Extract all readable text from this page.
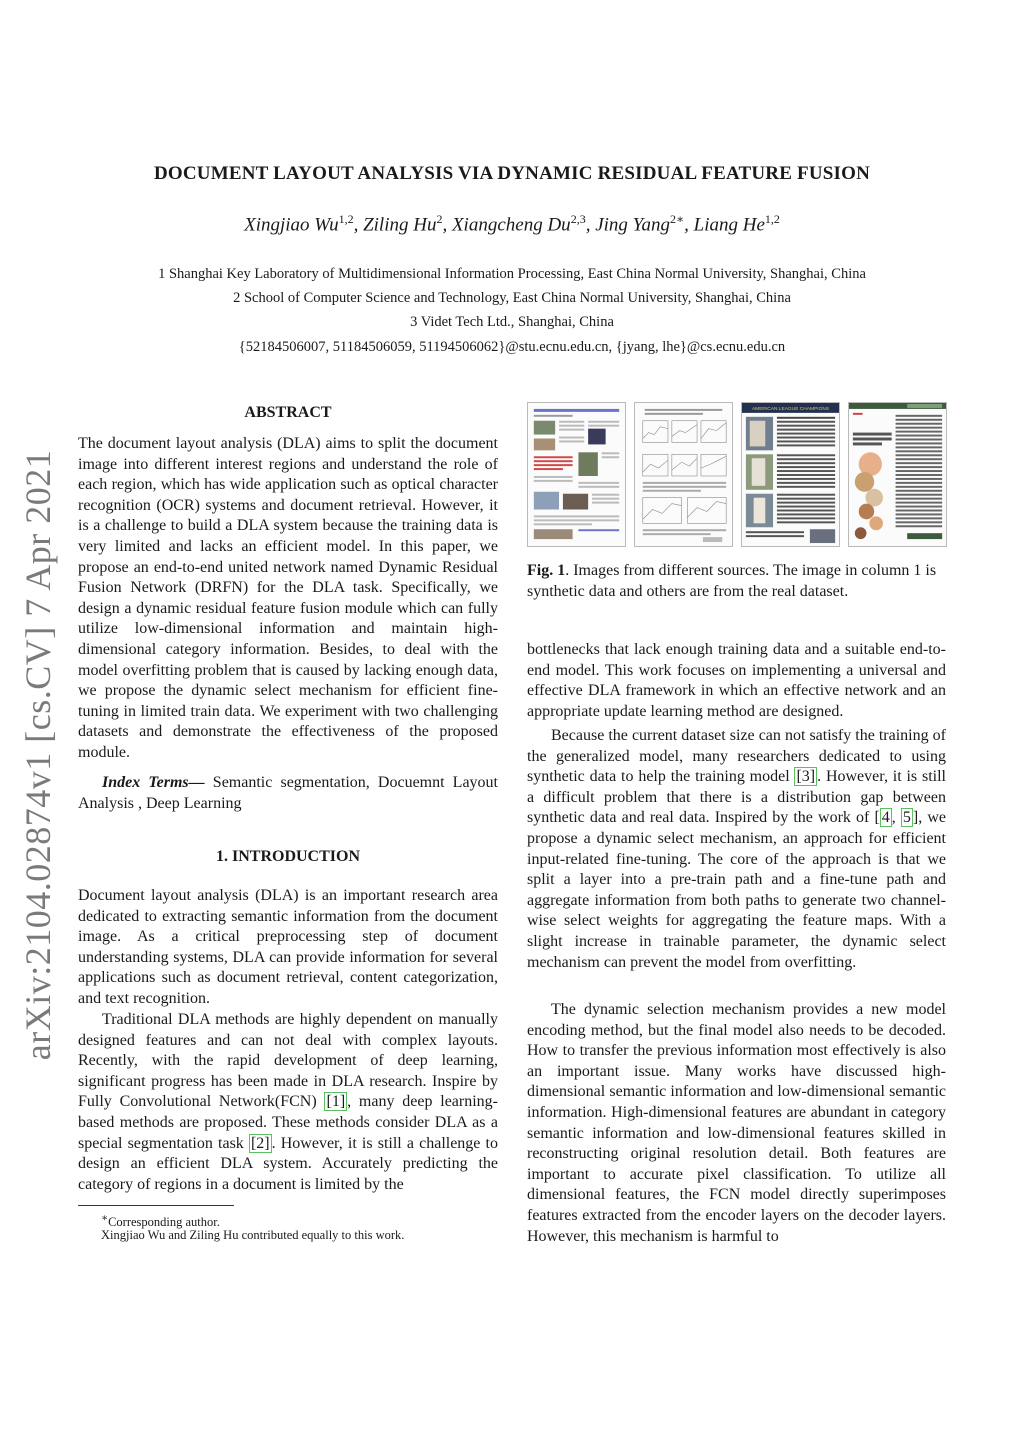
arXiv:2104.02874v1 [cs.CV] 7 Apr 2021
DOCUMENT LAYOUT ANALYSIS VIA DYNAMIC RESIDUAL FEATURE FUSION
Xingjiao Wu$^{1,2}$, Ziling Hu$^2$, Xiangcheng Du$^{2,3}$, Jing Yang$^{2∗}$, Liang He$^{1,2}$
1 Shanghai Key Laboratory of Multidimensional Information Processing, East China Normal University, Shanghai, China
2 School of Computer Science and Technology, East China Normal University, Shanghai, China
3 Videt Tech Ltd., Shanghai, China
{52184506007, 51184506059, 51194506062}@stu.ecnu.edu.cn, {jyang, lhe}@cs.ecnu.edu.cn
ABSTRACT
The document layout analysis (DLA) aims to split the document image into different interest regions and understand the role of each region, which has wide application such as optical character recognition (OCR) systems and document retrieval. However, it is a challenge to build a DLA system because the training data is very limited and lacks an efficient model. In this paper, we propose an end-to-end united network named Dynamic Residual Fusion Network (DRFN) for the DLA task. Specifically, we design a dynamic residual feature fusion module which can fully utilize low-dimensional information and maintain high-dimensional category information. Besides, to deal with the model overfitting problem that is caused by lacking enough data, we propose the dynamic select mechanism for efficient fine-tuning in limited train data. We experiment with two challenging datasets and demonstrate the effectiveness of the proposed module.
Index Terms— Semantic segmentation, Docuemnt Layout Analysis , Deep Learning
1. INTRODUCTION
Document layout analysis (DLA) is an important research area dedicated to extracting semantic information from the document image. As a critical preprocessing step of document understanding systems, DLA can provide information for several applications such as document retrieval, content categorization, and text recognition.
Traditional DLA methods are highly dependent on manually designed features and can not deal with complex layouts. Recently, with the rapid development of deep learning, significant progress has been made in DLA research. Inspire by Fully Convolutional Network(FCN) [1] , many deep learning-based methods are proposed. These methods consider DLA as a special segmentation task [2] . However, it is still a challenge to design an efficient DLA system. Accurately predicting the category of regions in a document is limited by the
∗Corresponding author.
Xingjiao Wu and Ziling Hu contributed equally to this work.
AMERICAN LEAGUE CHAMPIONS
Fig. 1. Images from different sources. The image in column 1 is synthetic data and others are from the real dataset.
bottlenecks that lack enough training data and a suitable end-to-end model. This work focuses on implementing a universal and effective DLA framework in which an effective network and an appropriate update learning method are designed.
Because the current dataset size can not satisfy the training of the generalized model, many researchers dedicated to using synthetic data to help the training model [3] . However, it is still a difficult problem that there is a distribution gap between synthetic data and real data. Inspired by the work of [ 4 , 5 ], we propose a dynamic select mechanism, an approach for efficient input-related fine-tuning. The core of the approach is that we split a layer into a pre-train path and a fine-tune path and aggregate information from both paths to generate two channel-wise select weights for aggregating the feature maps. With a slight increase in trainable parameter, the dynamic select mechanism can prevent the model from overfitting.
The dynamic selection mechanism provides a new model encoding method, but the final model also needs to be decoded. How to transfer the previous information most effectively is also an important issue. Many works have discussed high-dimensional semantic information and low-dimensional semantic information. High-dimensional features are abundant in category semantic information and low-dimensional features skilled in reconstructing original resolution detail. Both features are important to accurate pixel classification. To utilize all dimensional features, the FCN model directly superimposes features extracted from the encoder layers on the decoder layers. However, this mechanism is harmful to
